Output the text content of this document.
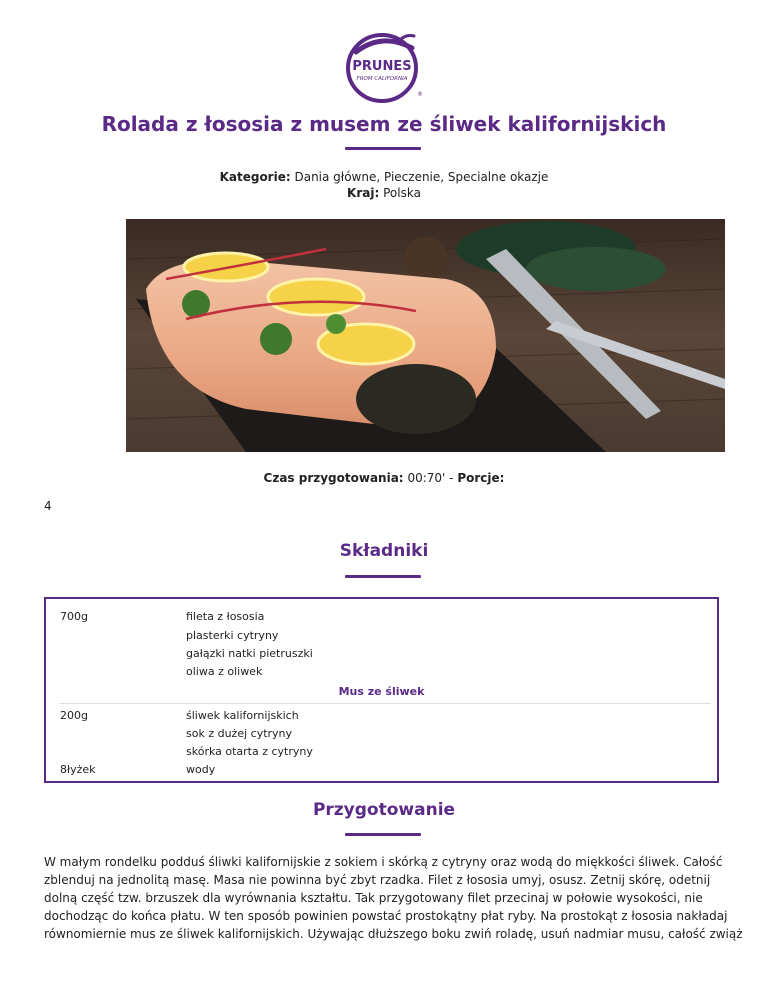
PRUNES
FROM CALIFORNIA
®
Rolada z łososia z musem ze śliwek kalifornijskich
Kategorie: Dania główne, Pieczenie, Specialne okazje
Kraj: Polska
Czas przygotowania: 00:70' - Porcje:
4
Składniki
700g	fileta z łososia
plasterki cytryny
gałązki natki pietruszki
oliwa z oliwek
Mus ze śliwek
200g	śliwek kalifornijskich
sok z dużej cytryny
skórka otarta z cytryny
8łyżek	wody
Przygotowanie
W małym rondelku podduś śliwki kalifornijskie z sokiem i skórką z cytryny oraz wodą do miękkości śliwek. Całość
zblenduj na jednolitą masę. Masa nie powinna być zbyt rzadka. Filet z łososia umyj, osusz. Zetnij skórę, odetnij
dolną część tzw. brzuszek dla wyrównania kształtu. Tak przygotowany filet przecinaj w połowie wysokości, nie
dochodząc do końca płatu. W ten sposób powinien powstać prostokątny płat ryby. Na prostokąt z łososia nakładaj
równomiernie mus ze śliwek kalifornijskich. Używając dłuższego boku zwiń roladę, usuń nadmiar musu, całość zwiąż
